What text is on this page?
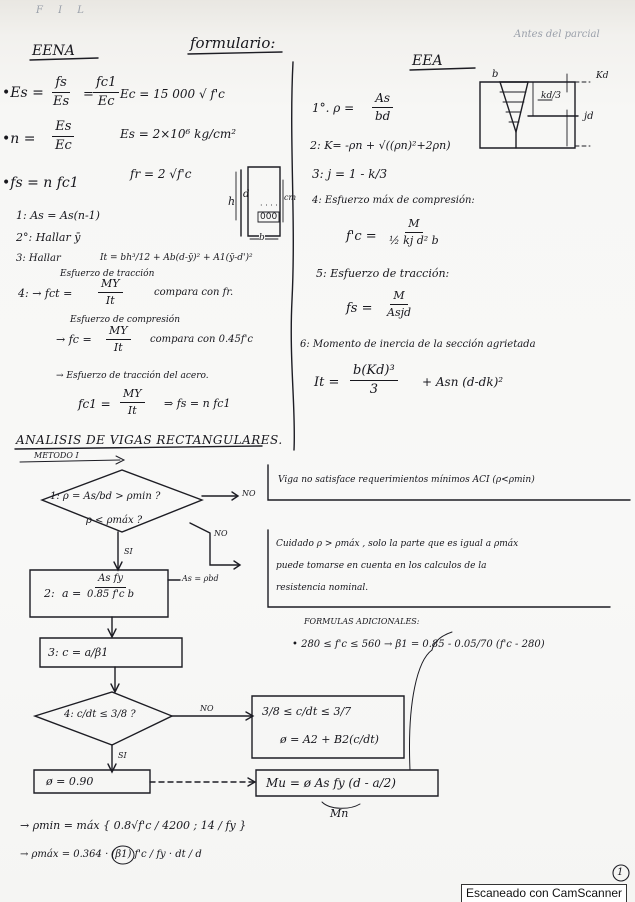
F I L
formulario:	Antes del parcial
EENA
EEA
•Es = $\frac{fs}{Es} = \frac{fc1}{Ec}$ Ec = 15 000 √ f'c
•n = $\frac{Es}{Ec}$	Es = 2×10⁶ kg/cm²
fr = 2 √f'c
•fs = n fc1
1: As = As(n-1)
2°: Hallar ȳ
3: Hallar	It = bh³/12 + Ab(d-ȳ)² + A1(ȳ-d')²
Esfuerzo de tracción
4: → fct = $\frac{MY}{It}$	compara con fr.
Esfuerzo de compresión
→ fc = $\frac{MY}{It}$ compara con 0.45f'c
→ Esfuerzo de tracción del acero.
$fc1 = \frac{MY}{It}$ ⇒ fs = n fc1
h
d
· · · ·
000
b
cm
b
kd/3
Kd
jd
1°. $\rho = \frac{As}{bd}$
2: K= -ρn + √((ρn)²+2ρn)
3: j = 1 - k/3
4: Esfuerzo máx de compresión:
$f'c = \frac{M}{\text{½ kj d² b}}$
5: Esfuerzo de tracción:
fs =
M
Asjd
6: Momento de inercia de la sección agrietada
$It = \frac{\text{b(Kd)³}}{3}$ + Asn (d-dk)²
ANALISIS DE VIGAS RECTANGULARES.
METODO I
1: ρ = As/bd > ρmin ?
ρ < ρmáx ?
NO
NO
SI
2: $a = \frac{\text{As fy}}{\text{0.85 f'c b}}$	As = ρbd
3: c = a/β1
4: c/dt ≤ 3/8 ?
NO
SI
ø = 0.90
3/8 ≤ c/dt ≤ 3/7
ø = A2 + B2(c/dt)
Mu = ø As fy (d - a/2)
Mn
Viga no satisface requerimientos mínimos ACI (ρ<ρmin)
Cuidado ρ > ρmáx , solo la parte que es igual a ρmáx
puede tomarse en cuenta en los calculos de la
resistencia nominal.
FORMULAS ADICIONALES:
• 280 ≤ f'c ≤ 560 → β1 = 0.85 - 0.05/70 (f'c - 280)
→ ρmin = máx { 0.8√f'c / 4200 ; 14 / fy }
→ ρmáx = 0.364 · (β1) f'c / fy · dt / d
1
Escaneado con CamScanner
